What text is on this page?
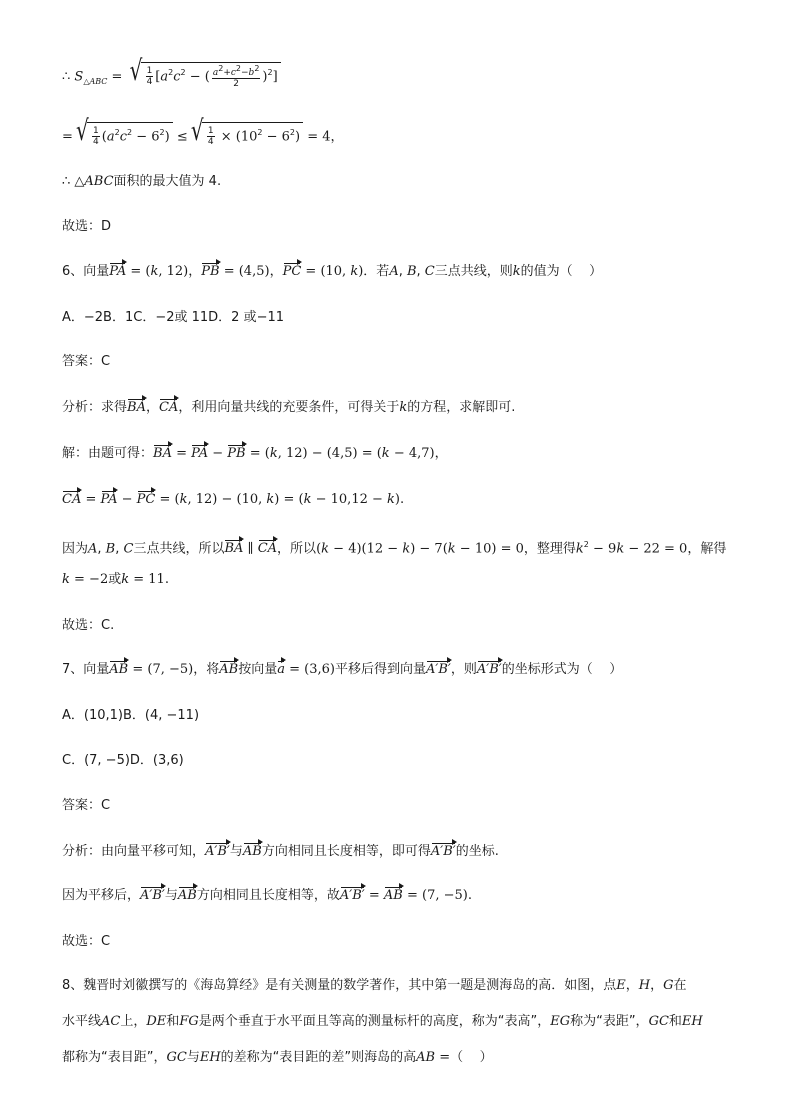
∴ $S_{\triangle ABC}$ = √ $\frac{1}{4} [a^2c^2$ − ( $\frac{a^2+c^2-b^2}{2} )^2$]
= √ $\frac{1}{4} (a^2c^2 - 6^2)$ ≤ √ $\frac{1}{4} \times (10^2 - 6^2) = 4$，
∴ △ABC面积的最大值为 4.
故选：D
6、向量PA = (k, 12)，PB = (4,5)，PC = (10, k)．若A, B, C三点共线，则k的值为（    ）
A．−2B．1C．−2或 11D．2 或−11
答案：C
分析：求得BA，CA，利用向量共线的充要条件，可得关于k的方程，求解即可.
解：由题可得：BA = PA − PB = (k, 12) − (4,5) = (k − 4,7)，
CA = PA − PC = (k, 12) − (10, k) = (k − 10,12 − k).
因为A, B, C三点共线，所以BA ∥ CA，所以(k − 4)(12 − k) − 7(k − 10) = 0，整理得$k^2 - 9k - 22 = 0$，解得
k = −2或k = 11.
故选：C.
7、向量AB = (7, −5)，将AB按向量a = (3,6)平移后得到向量A′B′，则A′B′的坐标形式为（    ）
A．(10,1)B．(4, −11)
C．(7, −5)D．(3,6)
答案：C
分析：由向量平移可知，A′B′与AB方向相同且长度相等，即可得A′B′的坐标.
因为平移后，A′B′与AB方向相同且长度相等，故A′B′ = AB = (7, −5).
故选：C
8、魏晋时刘徽撰写的《海岛算经》是有关测量的数学著作，其中第一题是测海岛的高．如图，点E，H，G在
水平线AC上，DE和FG是两个垂直于水平面且等高的测量标杆的高度，称为“表高”，EG称为“表距”，GC和EH
都称为“表目距”，GC与EH的差称为“表目距的差”则海岛的高AB =（    ）
